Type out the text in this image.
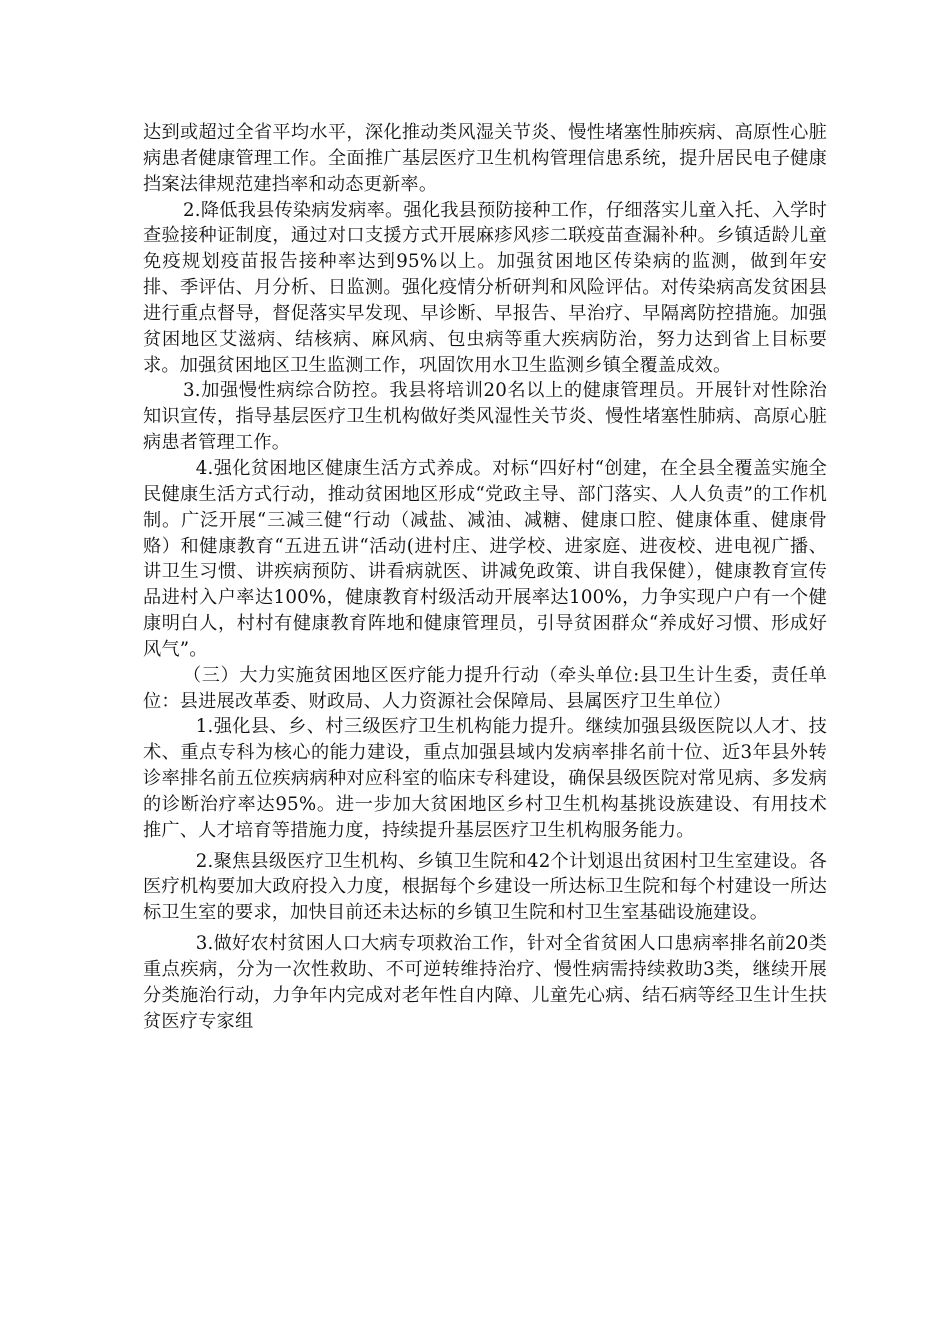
达到或超过全省平均水平，深化推动类风湿关节炎、慢性堵塞性肺疾病、高原性心脏病患者健康管理工作。全面推广基层医疗卫生机构管理信患系统，提升居民电子健康挡案法律规范建挡率和动态更新率。

2.降低我县传染病发病率。强化我县预防接种工作，仔细落实儿童入托、入学时查验接种证制度，通过对口支援方式开展麻疹风疹二联疫苗查漏补种。乡镇适龄儿童免疫规划疫苗报告接种率达到95%以上。加强贫困地区传染病的监测，做到年安排、季评估、月分析、日监测。强化疫情分析研判和风险评估。对传染病高发贫困县进行重点督导，督促落实早发现、早诊断、早报告、早治疗、早隔离防控措施。加强贫困地区艾滋病、结核病、麻风病、包虫病等重大疾病防治，努力达到省上目标要求。加强贫困地区卫生监测工作，巩固饮用水卫生监测乡镇全覆盖成效。

3.加强慢性病综合防控。我县将培训20名以上的健康管理员。开展针对性除治知识宣传，指导基层医疗卫生机构做好类风湿性关节炎、慢性堵塞性肺病、高原心脏病患者管理工作。

4.强化贫困地区健康生活方式养成。对标“四好村“创建，在全县全覆盖实施全民健康生活方式行动，推动贫困地区形成“党政主导、部门落实、人人负责”的工作机制。广泛开展“三减三健“行动（减盐、减油、减糖、健康口腔、健康体重、健康骨赂）和健康教育“五进五讲“活动(进村庄、进学校、进家庭、进夜校、进电视广播、讲卫生习惯、讲疾病预防、讲看病就医、讲减免政策、讲自我保健），健康教育宣传品进村入户率达100%，健康教育村级活动开展率达100%，力争实现户户有一个健康明白人，村村有健康教育阵地和健康管理员，引导贫困群众“养成好习惯、形成好风气”。

（三）大力实施贫困地区医疗能力提升行动（牵头单位:县卫生计生委，责任单位：县进展改革委、财政局、人力资源社会保障局、县属医疗卫生单位）

1.强化县、乡、村三级医疗卫生机构能力提升。继续加强县级医院以人才、技术、重点专科为核心的能力建设，重点加强县域内发病率排名前十位、近3年县外转诊率排名前五位疾病病种对应科室的临床专科建设，确保县级医院对常见病、多发病的诊断治疗率达95%。进一步加大贫困地区乡村卫生机构基挑设族建设、有用技术推广、人才培育等措施力度，持续提升基层医疗卫生机构服务能力。

2.聚焦县级医疗卫生机构、乡镇卫生院和42个计划退出贫困村卫生室建设。各医疗机构要加大政府投入力度，根据每个乡建设一所达标卫生院和每个村建设一所达标卫生室的要求，加快目前还未达标的乡镇卫生院和村卫生室基础设施建设。

3.做好农村贫困人口大病专项救治工作，针对全省贫困人口患病率排名前20类重点疾病，分为一次性救助、不可逆转维持治疗、慢性病需持续救助3类，继续开展分类施治行动，力争年内完成对老年性自内障、儿童先心病、结石病等经卫生计生扶贫医疗专家组
